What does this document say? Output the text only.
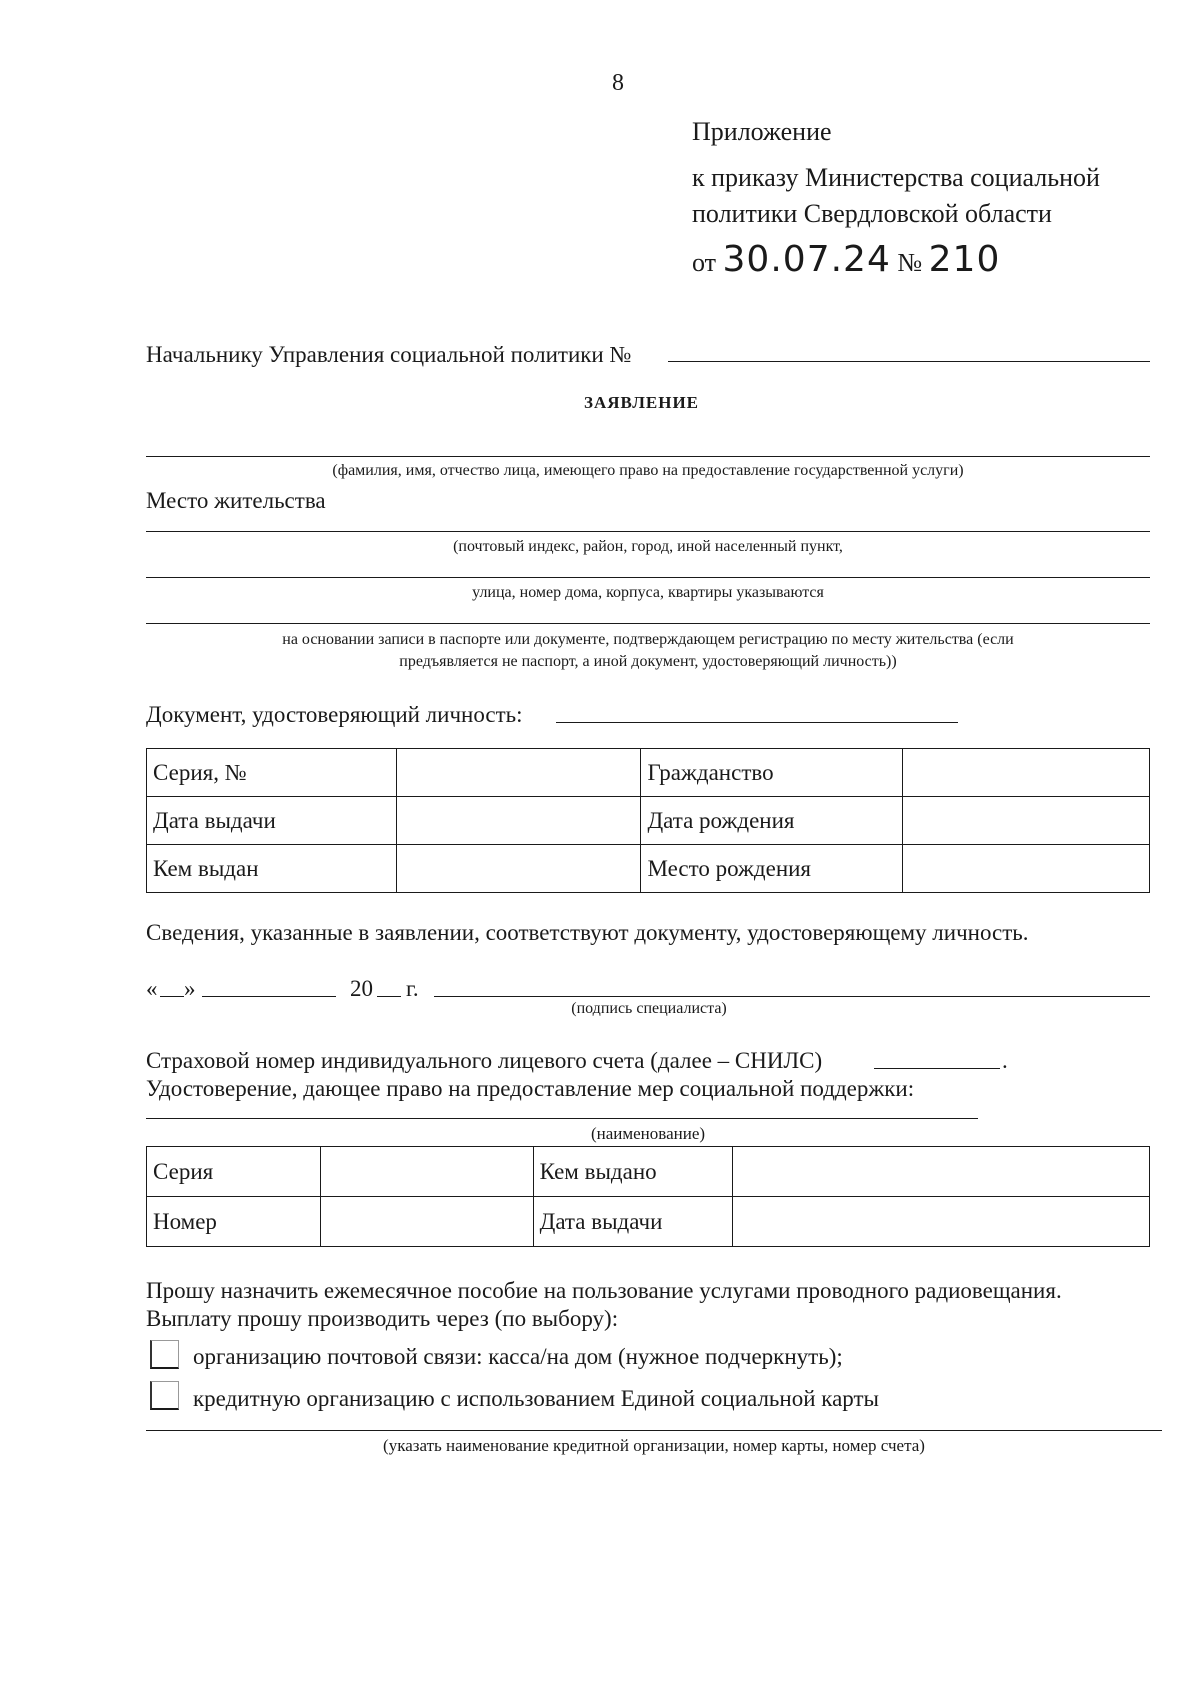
8
Приложение
к приказу Министерства социальной
политики Свердловской области
от 30.07.24 № 210
Начальнику Управления социальной политики №
ЗАЯВЛЕНИЕ
(фамилия, имя, отчество лица, имеющего право на предоставление государственной услуги)
Место жительства
(почтовый индекс, район, город, иной населенный пункт,
улица, номер дома, корпуса, квартиры указываются
на основании записи в паспорте или документе, подтверждающем регистрацию по месту жительства (если
предъявляется не паспорт, а иной документ, удостоверяющий личность))
Документ, удостоверяющий личность:
Серия, №		Гражданство	
Дата выдачи		Дата рождения	
Кем выдан		Место рождения	
Сведения, указанные в заявлении, соответствуют документу, удостоверяющему личность.
« »	20 г.
(подпись специалиста)
Страховой номер индивидуального лицевого счета (далее – СНИЛС)	.
Удостоверение, дающее право на предоставление мер социальной поддержки:
(наименование)
Серия		Кем выдано	
Номер		Дата выдачи	
Прошу назначить ежемесячное пособие на пользование услугами проводного радиовещания.
Выплату прошу производить через (по выбору):
организацию почтовой связи: касса/на дом (нужное подчеркнуть);
кредитную организацию с использованием Единой социальной карты
(указать наименование кредитной организации, номер карты, номер счета)
